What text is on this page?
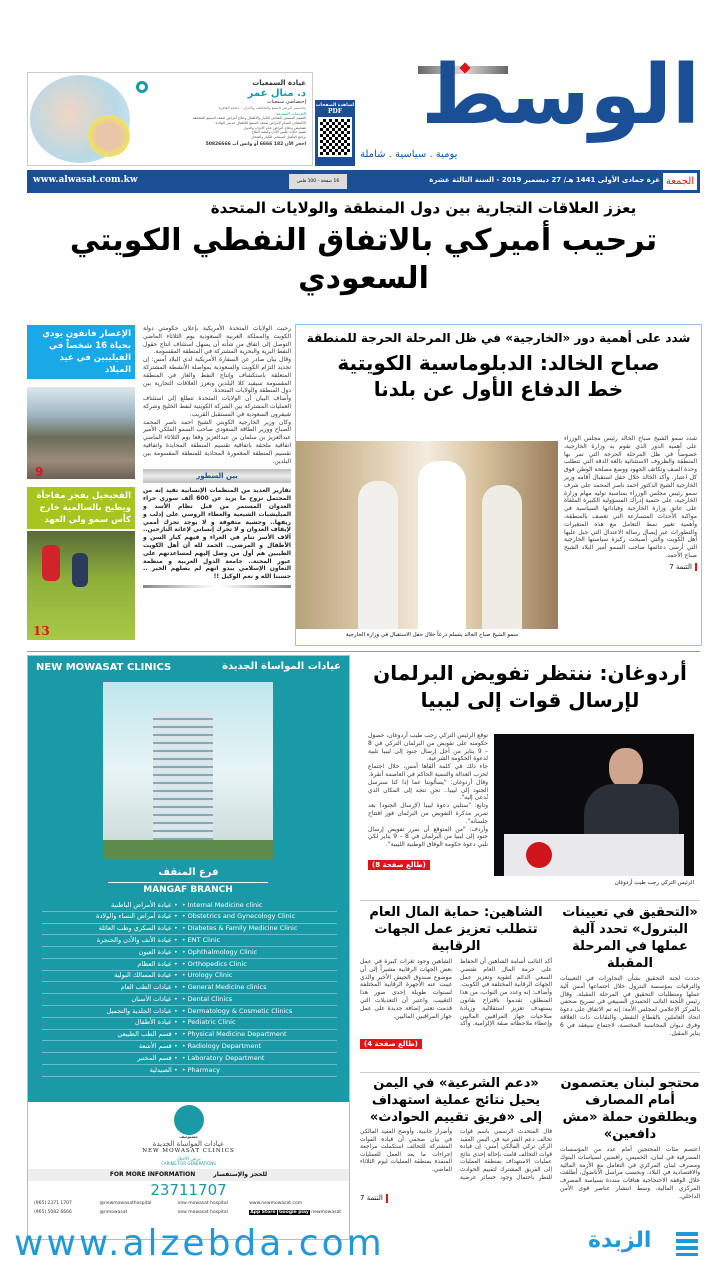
عيادة السمعيات
د. منال عمر
إختصاصي سمعيات
ماجستير أمراض السمع والتخاطب والاتزان - جامعة القاهرة
الخدمات المقدمة:
التقييم السمعي الشامل للكبار والأطفال وعلاج أمراض ضعف السمع المختلفة
الاكتشاف المبكر لأمراض ضعف السمع للأطفال حديثي الولادة
تشخيص وعلاج أمراض عدم الاتزان والدوار
تقييم حالات طنين الأذن وكيفية العلاج
برامج التأهيل السمعي للكبار والصغار
احجز الآن 182 6666 أو واتس أب 50826666
لشاهدة الصفحات
PDF الوسط
يومية . سياسية . شاملة
www.alwasat.com.kw	16 صفحة - 100 فلس	غرة جمادى الأولى 1441 هـ/ 27 ديسمبر 2019 - السنة الثالثة عشرة الجمعة
يعزز العلاقات التجارية بين دول المنطقة والولايات المتحدة
ترحيب أميركي بالاتفاق النفطي الكويتي السعودي
الإعصار فانفون يودي بحياة 16 شخصاً في الفيليبين في عيد الميلاد
9
الفحيحيل يفجر مفاجأة ويطيح بالسالمية خارج كأس سمو ولي العهد
13

رحبت الولايات المتحدة الأمريكية بإعلان حكومتي دولة الكويت والمملكة العربية السعودية يوم الثلاثاء الماضي التوصل إلى اتفاق من شأنه أن يسهل استئناف انتاج حقول النفط البرية والبحرية المشتركة في المنطقة المقسومة.

وقال بيان صادر عن السفارة الأمريكية لدى البلاد أمس: إن تجديد التزام الكويت والسعودية بمواصلة الأنشطة المشتركة المتعلقة باستكشاف وإنتاج النفط والغاز في المنطقة المقسومة سيفيد كلا البلدين ويعزز العلاقات التجارية بين دول المنطقة والولايات المتحدة.

وأضاف البيان أن الولايات المتحدة تتطلع إلى استئناف العمليات المشتركة بين الشركة الكويتية لنفط الخليج وشركة شيفرون السعودية في المستقبل القريب.

وكان وزير الخارجية الكويتي الشيخ احمد ناصر المحمد الصباح ووزير الطاقة السعودي صاحب السمو الملكي الأمير عبدالعزيز بن سلمان بن عبدالعزيز وقعا يوم الثلاثاء الماضي اتفاقية ملحقة باتفاقية تقسيم المنطقة المحايدة واتفاقية تقسيم المنطقة المغمورة المحاذية للمنطقة المقسومة بين البلدين.

بين السطور
تقارير العديد من المنظمات الإنسانية تفيد إنه من المحتمل نزوح ما يزيد عن 600 ألف سوري جراء العدوان المستمر من قبل نظام الأسد و الميليشيات الشيعية والغطاء الروسي على إدلب و ريفها.. وحشية متفوقة و لا يوجد تحرك أممي لإيقاف العدوان و لا تحرك إنساني لإغاثة النازحين.. آلاف الأسر تنام في العراء و فيهم كبار السن و الأطفال و المرضى.. الحمد لله أن أهل الكويت الطيبين هم أول من وصل إليهم لمساعدتهم على عبور المحنة.. جامعة الدول العربية و منظمة التعاون الإسلامي يبدو انهم لم يصلهم الخبر .. حسبنا الله و نعم الوكيل !!
شدد على أهمية دور «الخارجية» في ظل المرحلة الحرجة للمنطقة
صباح الخالد: الدبلوماسية الكويتية
خط الدفاع الأول عن بلدنا
سمو الشيخ صباح الخالد يتسلم درعاً خلال حفل الاستقبال في وزارة الخارجية
شدد سمو الشيخ صباح الخالد رئيس مجلس الوزراء على أهمية الدور الذي تقوم به وزارة الخارجية، خصوصاً في ظل المرحلة الحرجة التي تمر بها المنطقة والظروف الاستثنائية بالغة الدقة التي تتطلب وحدة الصف وتكاتف الجهود ووضع مصلحة الوطن فوق كل اعتبار. وأكد الخالد خلال حفل استقبال أقامه وزير الخارجية الشيخ الدكتور احمد ناصر المحمد على شرف سمو رئيس مجلس الوزراء بمناسبة توليه مهام وزارة الخارجية، على حتمية إدراك المسؤولية الكبيرة الملقاة على عاتق وزارة الخارجية وقياداتها السياسية في مواكبة الأحداث المتسارعة التي تعصف بالمنطقة، وأهمية تغيير نمط التعامل مع هذه المتغيرات والتطورات عبر إيصال رسالة الاعتدال التي جبل عليها أهل الكويت والتي أصبحت ركيزة سياستها الخارجية التي أرسى دعائمها صاحب السمو أمير البلاد الشيخ صباح الأحمد.
التتمة 7
NEW MOWASAT CLINICS	عيادات المواساة الجديدة
فرع المنقف
MANGAF BRANCH
• عيادة الأمراض الباطنية • Internal Medicine clinic
• عيادة أمراض النساء والولادة • Obstetrics and Gynecology Clinic
• عيادة السكري وطب العائلة • Diabetes & Family Medicine Clinic
• عيادة الأنف والأذن والحنجرة • ENT Clinic
• عيادة العيون • Ophthalmology Clinic
• عيادة العظام • Orthopedics Clinic
• عيادة المسالك البولية • Urology Clinic
• عيادات الطب العام • General Medicine clinics
• عيادات الأسنان • Dental Clinics
• عيادات الجلدية والتجميل • Dermatology & Cosmetic Clinics
• عيادة الأطفال • Pediatric Clinic
• قسم الطب الطبيعي • Physical Medicine Department
• قسم الأشعة • Radiology Department
• قسم المختبر • Laboratory Department
• الصيدلية • Pharmacy
مستوصف
عيادات المواساة الجديدة
NEW MOWASAT CLINICS
نرعى الأجيال
CARING FOR GENERATIONS
FOR MORE INFORMATION	للحجز والإستفسار
23711707
(965) 2371 1707	@newmowasathospital	new mowasat hospital	www.newmowasat.com
(965) 5082 6666	@nmowasat	new mowasat hospital	App Store Google play newmowasat
أردوغان: ننتظر تفويض البرلمان
لإرسال قوات إلى ليبيا

توقع الرئيس التركي رجب طيب أردوغان، حصول حكومته على تفويض من البرلمان التركي في 8 – 9 يناير من أجل إرسال جنود إلى ليبيا تلبية لدعوة الحكومة الشرعية.

جاء ذلك في كلمة ألقاها أمس، خلال اجتماع لحزب العدالة والتنمية الحاكم في العاصمة أنقرة.

وقال أردوغان: "يسألوننا عما إذا كنا سنرسل الجنود إلى ليبيا.. نحن نتجه إلى المكان الذي نُدعى إليه".

وتابع: "ستلبي دعوة ليبيا (لإرسال الجنود) بعد تمرير مذكرة التفويض من البرلمان فور افتتاح جلساته".

وأردف: "من المتوقع أن نمرر تفويض إرسال جنود إلى ليبيا من البرلمان في 8 – 9 يناير لكي نلبي دعوة حكومة الوفاق الوطنية الليبية".

(طالع صفحة 8)
الرئيس التركي رجب طيب أردوغان
«التحقيق في تعيينات البترول» تحدد آلية عملها في المرحلة المقبلة
حددت لجنة التحقيق بشأن التجاوزات في التعيينات والترقيات بمؤسسة البترول خلال اجتماعها أمس آلية عملها ومتطلبات التحقيق في المرحلة المقبلة. وقال رئيس اللجنة النائب الحميدي السبيعي في تصريح صحفي بالمركز الإعلامي لمجلس الأمة: إنه تم الاتفاق على دعوة اتحاد العاملين بالقطاع النفطي والنقابات ذات العلاقة وفرق ديوان المحاسبة المختصة، لاجتماع سيعقد في 6 يناير المقبل.
الشاهين: حماية المال العام تتطلب تعزيز عمل الجهات الرقابية
أكد النائب أسامة الشاهين أن الحفاظ على حرمة المال العام تقتضي السعي الدائم لتقوية وتعزيز عمل الجهات الرقابية المختلفة في الكويت. وأضاف: إنه وعدد من النواب، من هذا المنطلق، تقدموا باقتراح بقانون يستهدف تعزيز استقلالية وزيادة صلاحيات جهاز المراقبين الماليين وإعطاء ملاحظاته صفة الإلزامية. وأكد الشاهين وجود ثغرات كبيرة في عمل بعض الجهات الرقابية مشيراً إلى أن موضوع صندوق الجيش الأخير والذي غيبت عنه الأجهزة الرقابية المختلفة لسنوات طويلة إحدى صور هذا التغييب. واعتبر أن التعديلات التي قدمت تعتبر إضافة جديدة على عمل جهاز المراقبين الماليين.
(طالع صفحة 4)
محتجو لبنان يعتصمون أمام المصارف ويطلقون حملة «مش دافعين»
اعتصم مئات المحتجين أمام عدد من المؤسسات المصرفية في لبنان، الخميس، رافضين لسياسات البنوك ومصرف لبنان المركزي في التعامل مع الأزمة المالية والاقتصادية في البلاد. وبحسب مراسل الأناضول، أطلقت خلال الوقفة الاحتجاجية هتافات منددة بسياسة المصرف المركزي المالية، وسط انتشار عناصر قوى الأمن الداخلي.
«دعم الشرعية» في اليمن يحيل نتائج عملية استهداف إلى «فريق تقييم الحوادث»
قال المتحدث الرسمي باسم قوات تحالف دعم الشرعية في اليمن العقيد الركن تركي المالكي أمس: إن قيادة قوات التحالف قامت بإحالة إحدى نتائج عمليات الاستهداف بمنطقة العمليات إلى الفريق المشترك لتقييم الحوادث للنظر باحتمال وجود خسائر عرضية وأضرار جانبية. وأوضح العقيد المالكي في بيان صحفي أن قيادة القوات المشتركة للتحالف استكملت مراجعة إجراءات ما بعد العمل للعمليات المنفذة بمنطقة العمليات ليوم الثلاثاء الماضي.
التتمة 7
www.alzebda.com	الزبدة
